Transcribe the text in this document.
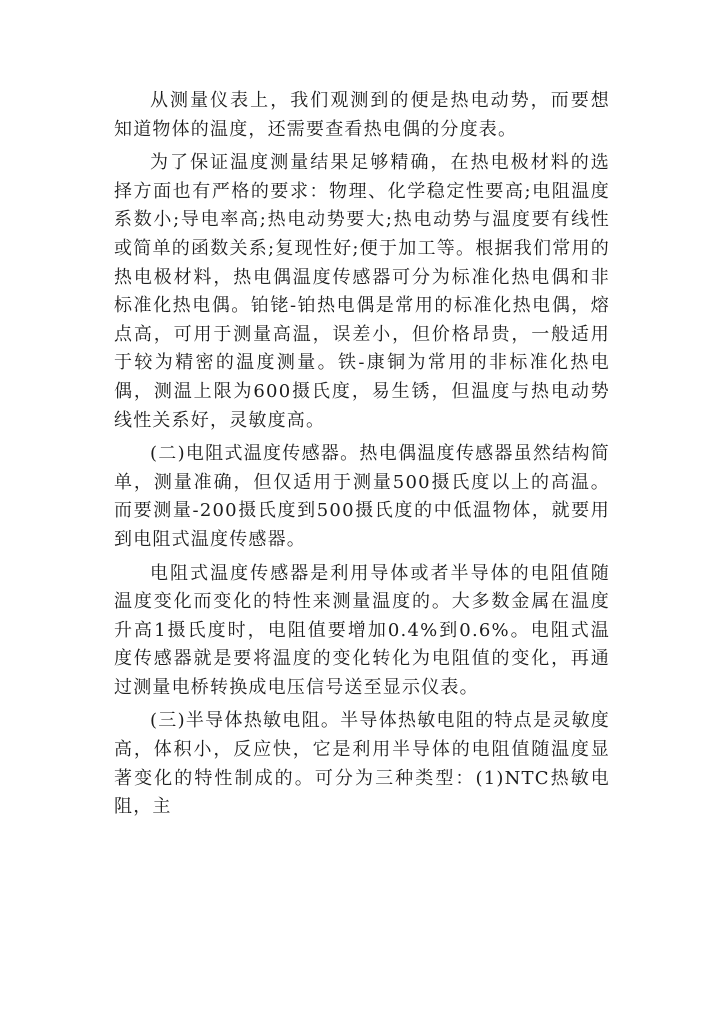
从测量仪表上，我们观测到的便是热电动势，而要想知道物体的温度，还需要查看热电偶的分度表。

为了保证温度测量结果足够精确，在热电极材料的选择方面也有严格的要求：物理、化学稳定性要高;电阻温度系数小;导电率高;热电动势要大;热电动势与温度要有线性或简单的函数关系;复现性好;便于加工等。根据我们常用的热电极材料，热电偶温度传感器可分为标准化热电偶和非标准化热电偶。铂铑-铂热电偶是常用的标准化热电偶，熔点高，可用于测量高温，误差小，但价格昂贵，一般适用于较为精密的温度测量。铁-康铜为常用的非标准化热电偶，测温上限为600摄氏度，易生锈，但温度与热电动势线性关系好，灵敏度高。

(二)电阻式温度传感器。热电偶温度传感器虽然结构简单，测量准确，但仅适用于测量500摄氏度以上的高温。而要测量-200摄氏度到500摄氏度的中低温物体，就要用到电阻式温度传感器。

电阻式温度传感器是利用导体或者半导体的电阻值随温度变化而变化的特性来测量温度的。大多数金属在温度升高1摄氏度时，电阻值要增加0.4%到0.6%。电阻式温度传感器就是要将温度的变化转化为电阻值的变化，再通过测量电桥转换成电压信号送至显示仪表。

(三)半导体热敏电阻。半导体热敏电阻的特点是灵敏度高，体积小，反应快，它是利用半导体的电阻值随温度显著变化的特性制成的。可分为三种类型：(1)NTC热敏电阻，主
